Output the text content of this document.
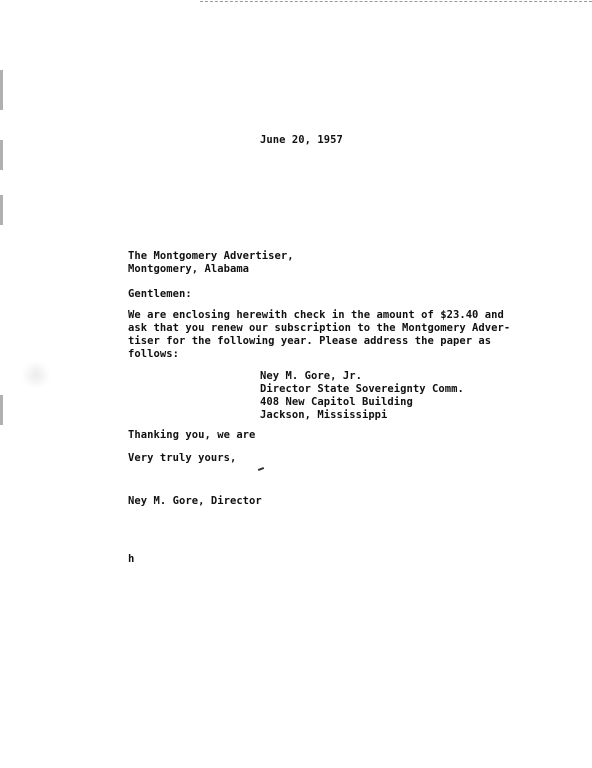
June 20, 1957
The Montgomery Advertiser,
Montgomery, Alabama
Gentlemen:
We are enclosing herewith check in the amount of $23.40 and
ask that you renew our subscription to the Montgomery Adver-
tiser for the following year. Please address the paper as
follows:
Ney M. Gore, Jr.
Director State Sovereignty Comm.
408 New Capitol Building
Jackson, Mississippi
Thanking you, we are
Very truly yours,
Ney M. Gore, Director
h
